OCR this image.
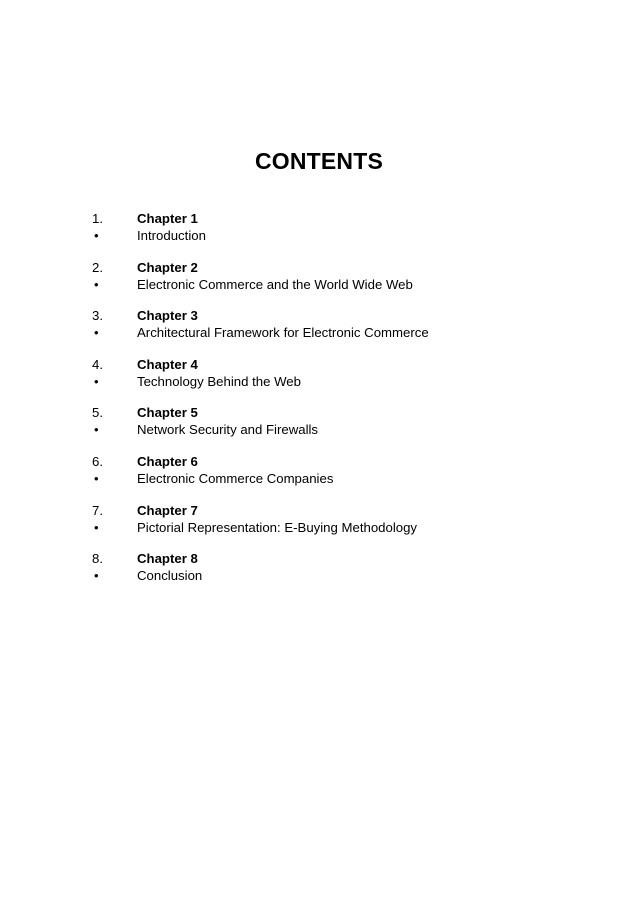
CONTENTS
1.	Chapter 1
•	Introduction
2.	Chapter 2
•	Electronic Commerce and the World Wide Web
3.	Chapter 3
•	Architectural Framework for Electronic Commerce
4.	Chapter 4
•	Technology Behind the Web
5.	Chapter 5
•	Network Security and Firewalls
6.	Chapter 6
•	Electronic Commerce Companies
7.	Chapter 7
•	Pictorial Representation: E-Buying Methodology
8.	Chapter 8
•	Conclusion
